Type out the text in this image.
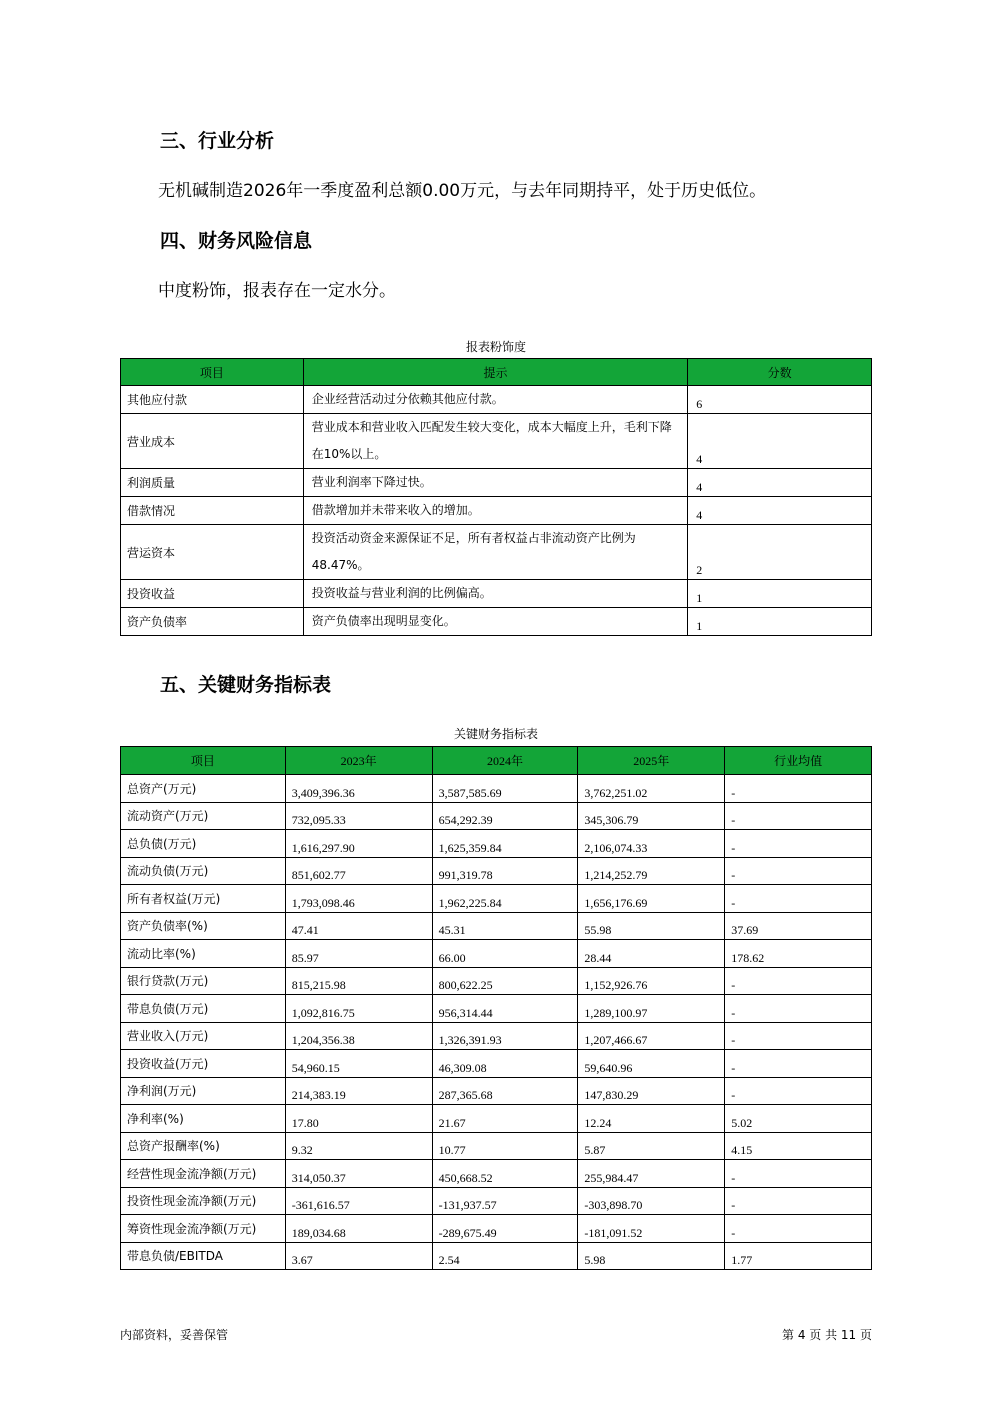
三、行业分析

无机碱制造2026年一季度盈利总额0.00万元，与去年同期持平，处于历史低位。

四、财务风险信息

中度粉饰，报表存在一定水分。

报表粉饰度
项目	提示	分数
其他应付款	企业经营活动过分依赖其他应付款。	6
营业成本	营业成本和营业收入匹配发生较大变化，成本大幅度上升，毛利下降在10%以上。	4
利润质量	营业利润率下降过快。	4
借款情况	借款增加并未带来收入的增加。	4
营运资本	投资活动资金来源保证不足，所有者权益占非流动资产比例为48.47%。	2
投资收益	投资收益与营业利润的比例偏高。	1
资产负债率	资产负债率出现明显变化。	1
五、关键财务指标表
关键财务指标表
项目	2023年	2024年	2025年	行业均值
总资产(万元)	3,409,396.36	3,587,585.69	3,762,251.02	-
流动资产(万元)	732,095.33	654,292.39	345,306.79	-
总负债(万元)	1,616,297.90	1,625,359.84	2,106,074.33	-
流动负债(万元)	851,602.77	991,319.78	1,214,252.79	-
所有者权益(万元)	1,793,098.46	1,962,225.84	1,656,176.69	-
资产负债率(%)	47.41	45.31	55.98	37.69
流动比率(%)	85.97	66.00	28.44	178.62
银行贷款(万元)	815,215.98	800,622.25	1,152,926.76	-
带息负债(万元)	1,092,816.75	956,314.44	1,289,100.97	-
营业收入(万元)	1,204,356.38	1,326,391.93	1,207,466.67	-
投资收益(万元)	54,960.15	46,309.08	59,640.96	-
净利润(万元)	214,383.19	287,365.68	147,830.29	-
净利率(%)	17.80	21.67	12.24	5.02
总资产报酬率(%)	9.32	10.77	5.87	4.15
经营性现金流净额(万元)	314,050.37	450,668.52	255,984.47	-
投资性现金流净额(万元)	-361,616.57	-131,937.57	-303,898.70	-
筹资性现金流净额(万元)	189,034.68	-289,675.49	-181,091.52	-
带息负债/EBITDA	3.67	2.54	5.98	1.77
内部资料，妥善保管	第 4 页 共 11 页
